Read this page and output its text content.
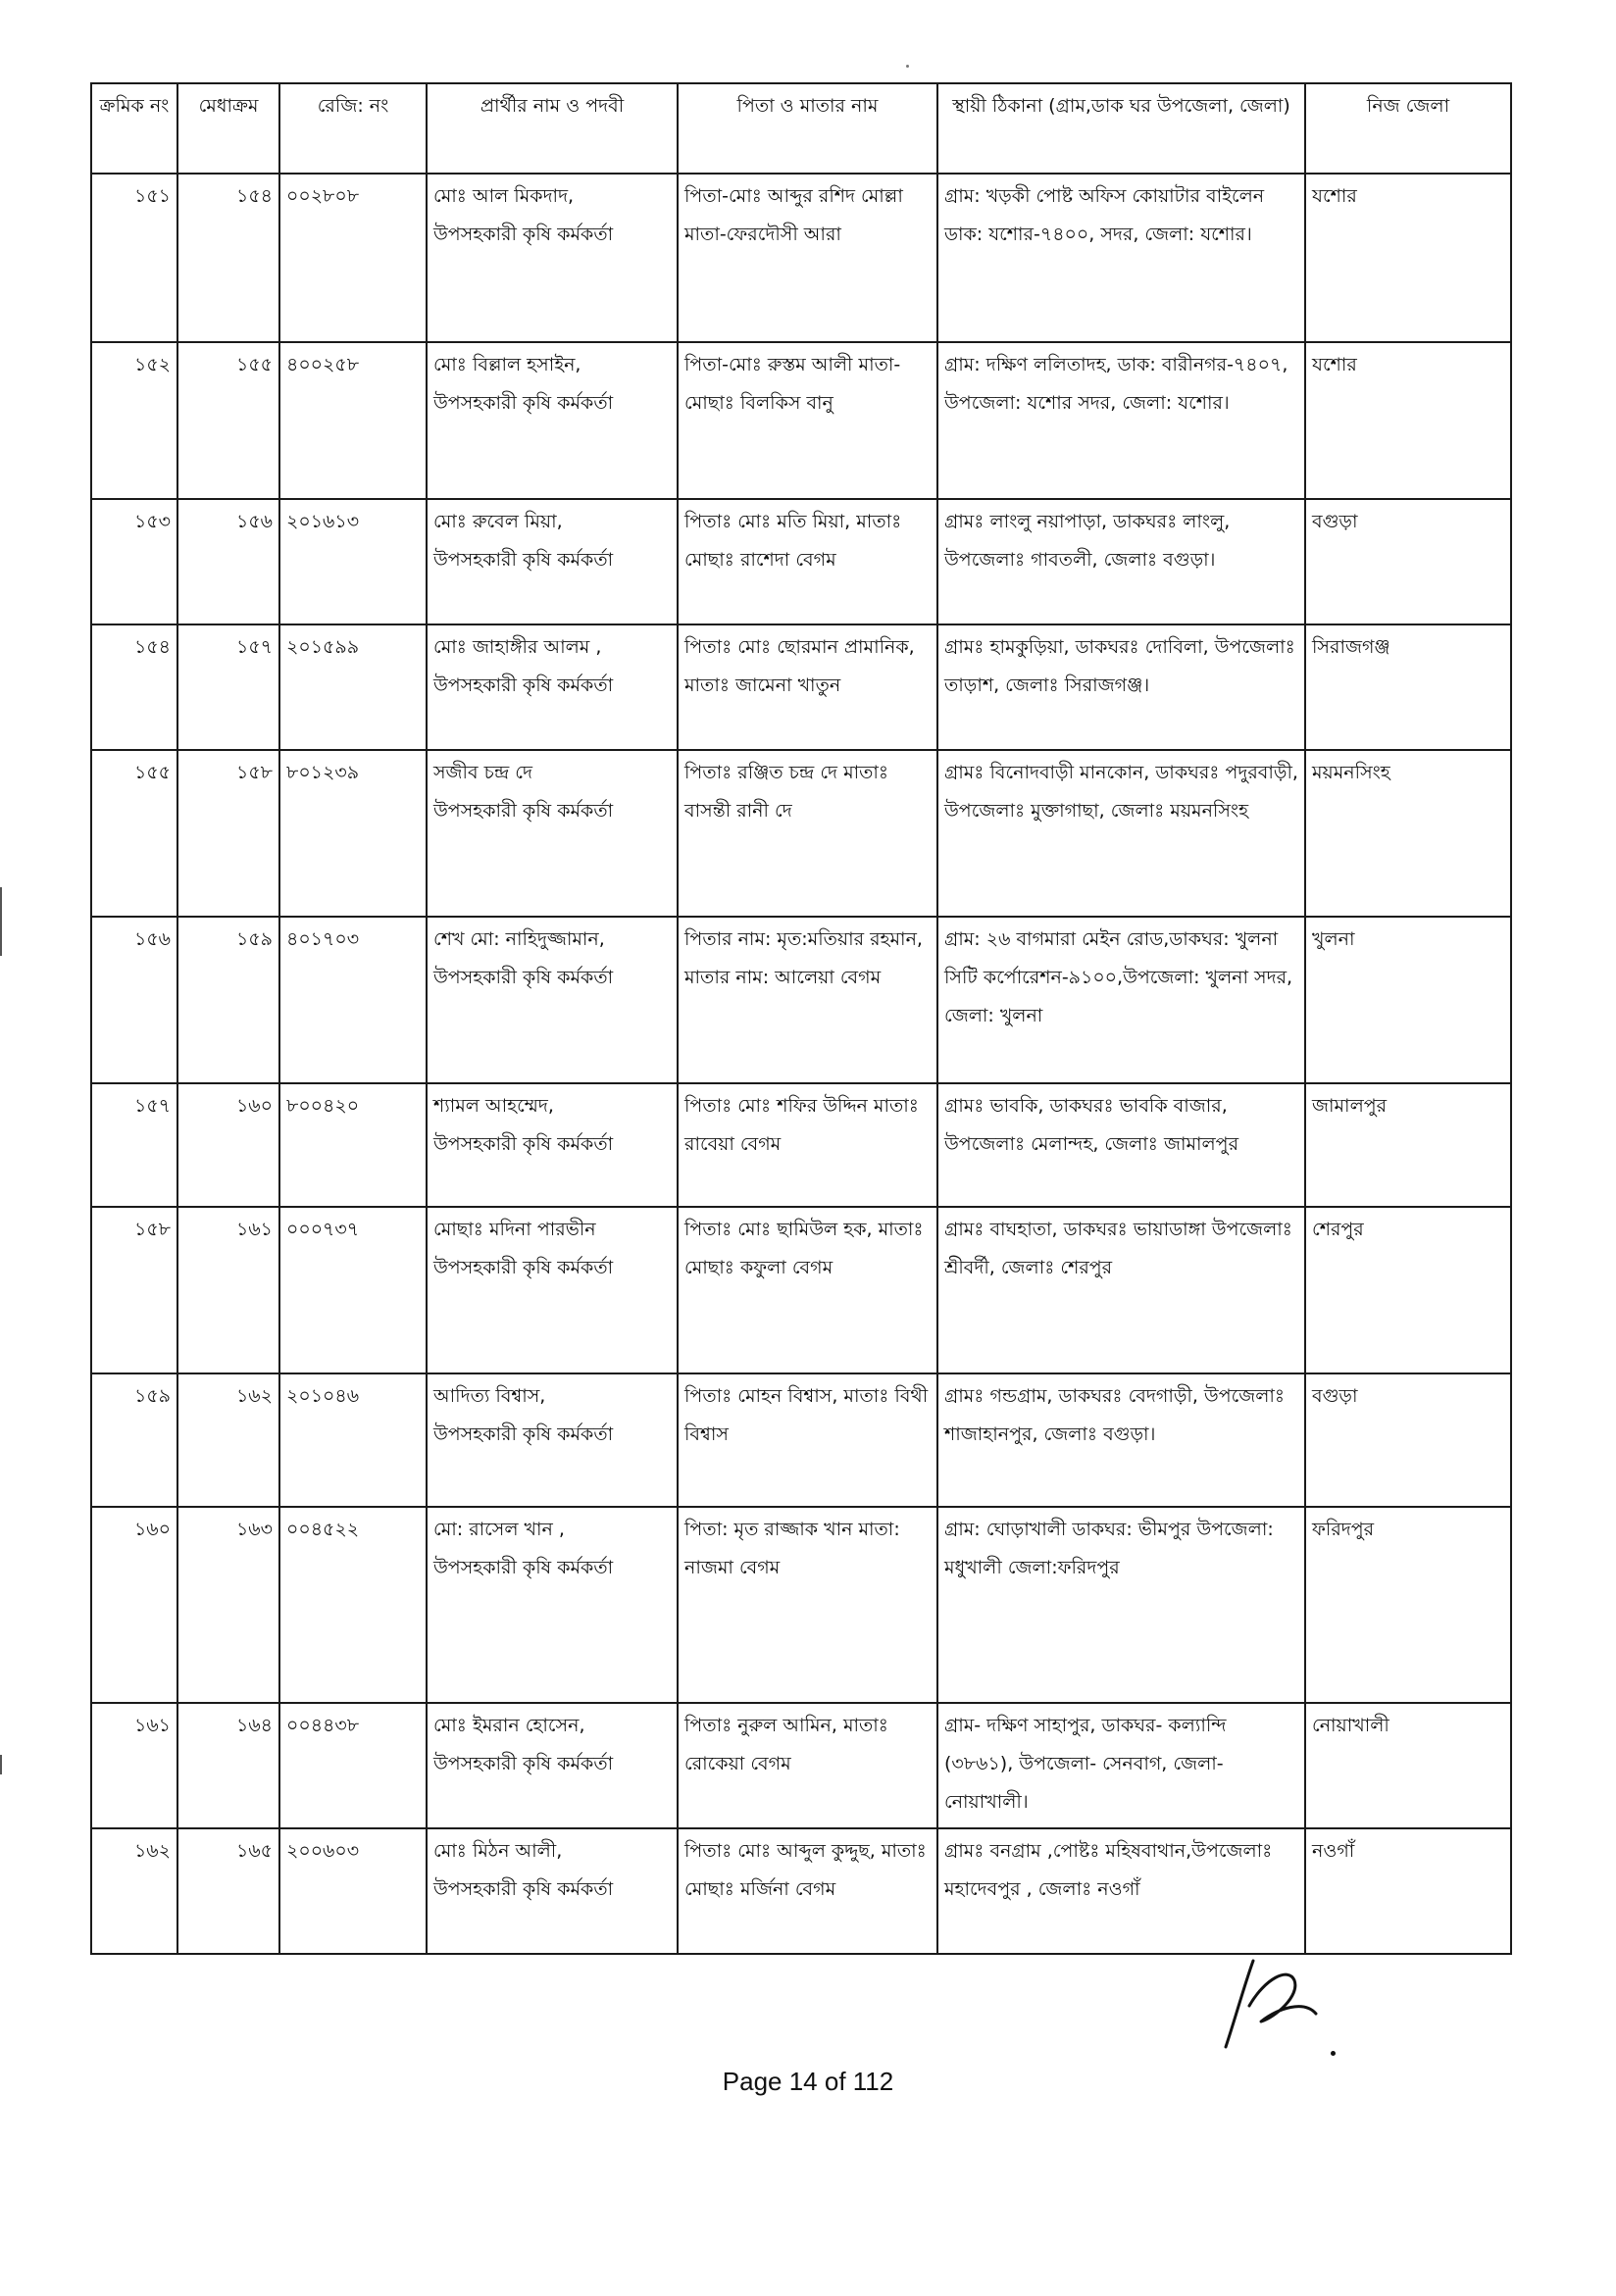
ক্রমিক নং	মেধাক্রম	রেজি: নং	প্রার্থীর নাম ও পদবী	পিতা ও মাতার নাম	স্থায়ী ঠিকানা (গ্রাম,ডাক ঘর উপজেলা, জেলা)	নিজ জেলা
১৫১	১৫৪	০০২৮০৮	মোঃ আল মিকদাদ,
উপসহকারী কৃষি কর্মকর্তা	পিতা-মোঃ আব্দুর রশিদ মোল্লা মাতা-ফেরদৌসী আরা	গ্রাম: খড়কী পোষ্ট অফিস কোয়াটার বাইলেন ডাক: যশোর-৭৪০০, সদর, জেলা: যশোর।	যশোর
১৫২	১৫৫	৪০০২৫৮	মোঃ বিল্লাল হসাইন,
উপসহকারী কৃষি কর্মকর্তা	পিতা-মোঃ রুস্তম আলী মাতা-মোছাঃ বিলকিস বানু	গ্রাম: দক্ষিণ ললিতাদহ, ডাক: বারীনগর-৭৪০৭, উপজেলা: যশোর সদর, জেলা: যশোর।	যশোর
১৫৩	১৫৬	২০১৬১৩	মোঃ রুবেল মিয়া,
উপসহকারী কৃষি কর্মকর্তা	পিতাঃ মোঃ মতি মিয়া, মাতাঃ মোছাঃ রাশেদা বেগম	গ্রামঃ লাংলু নয়াপাড়া, ডাকঘরঃ লাংলু, উপজেলাঃ গাবতলী, জেলাঃ বগুড়া।	বগুড়া
১৫৪	১৫৭	২০১৫৯৯	মোঃ জাহাঙ্গীর আলম ,
উপসহকারী কৃষি কর্মকর্তা	পিতাঃ মোঃ ছোরমান প্রামানিক, মাতাঃ জামেনা খাতুন	গ্রামঃ হামকুড়িয়া, ডাকঘরঃ দোবিলা, উপজেলাঃ তাড়াশ, জেলাঃ সিরাজগঞ্জ।	সিরাজগঞ্জ
১৫৫	১৫৮	৮০১২৩৯	সজীব চন্দ্র দে
উপসহকারী কৃষি কর্মকর্তা	পিতাঃ রঞ্জিত চন্দ্র দে মাতাঃ বাসন্তী রানী দে	গ্রামঃ বিনোদবাড়ী মানকোন, ডাকঘরঃ পদুরবাড়ী, উপজেলাঃ মুক্তাগাছা, জেলাঃ ময়মনসিংহ	ময়মনসিংহ
১৫৬	১৫৯	৪০১৭০৩	শেখ মো: নাহিদুজ্জামান,
উপসহকারী কৃষি কর্মকর্তা	পিতার নাম: মৃত:মতিয়ার রহমান, মাতার নাম: আলেয়া বেগম	গ্রাম: ২৬ বাগমারা মেইন রোড,ডাকঘর: খুলনা সিটি কর্পোরেশন-৯১০০,উপজেলা: খুলনা সদর, জেলা: খুলনা	খুলনা
১৫৭	১৬০	৮০০৪২০	শ্যামল আহম্মেদ,
উপসহকারী কৃষি কর্মকর্তা	পিতাঃ মোঃ শফির উদ্দিন মাতাঃ রাবেয়া বেগম	গ্রামঃ ভাবকি, ডাকঘরঃ ভাবকি বাজার, উপজেলাঃ মেলান্দহ, জেলাঃ জামালপুর	জামালপুর
১৫৮	১৬১	০০০৭৩৭	মোছাঃ মদিনা পারভীন
উপসহকারী কৃষি কর্মকর্তা	পিতাঃ মোঃ ছামিউল হক, মাতাঃ মোছাঃ কফুলা বেগম	গ্রামঃ বাঘহাতা, ডাকঘরঃ ভায়াডাঙ্গা উপজেলাঃ শ্রীবর্দী, জেলাঃ শেরপুর	শেরপুর
১৫৯	১৬২	২০১০৪৬	আদিত্য বিশ্বাস,
উপসহকারী কৃষি কর্মকর্তা	পিতাঃ মোহন বিশ্বাস, মাতাঃ বিথী বিশ্বাস	গ্রামঃ গন্ডগ্রাম, ডাকঘরঃ বেদগাড়ী, উপজেলাঃ শাজাহানপুর, জেলাঃ বগুড়া।	বগুড়া
১৬০	১৬৩	০০৪৫২২	মো: রাসেল খান ,
উপসহকারী কৃষি কর্মকর্তা	পিতা: মৃত রাজ্জাক খান মাতা: নাজমা বেগম	গ্রাম: ঘোড়াখালী ডাকঘর: ভীমপুর উপজেলা: মধুখালী জেলা:ফরিদপুর	ফরিদপুর
১৬১	১৬৪	০০৪৪৩৮	মোঃ ইমরান হোসেন,
উপসহকারী কৃষি কর্মকর্তা	পিতাঃ নুরুল আমিন, মাতাঃ রোকেয়া বেগম	গ্রাম- দক্ষিণ সাহাপুর, ডাকঘর- কল্যান্দি (৩৮৬১), উপজেলা- সেনবাগ, জেলা- নোয়াখালী।	নোয়াখালী
১৬২	১৬৫	২০০৬০৩	মোঃ মিঠন আলী,
উপসহকারী কৃষি কর্মকর্তা	পিতাঃ মোঃ আব্দুল কুদ্দুছ, মাতাঃ মোছাঃ মর্জিনা বেগম	গ্রামঃ বনগ্রাম ,পোষ্টঃ মহিষবাথান,উপজেলাঃ মহাদেবপুর , জেলাঃ নওগাঁ	নওগাঁ
Page 14 of 112
